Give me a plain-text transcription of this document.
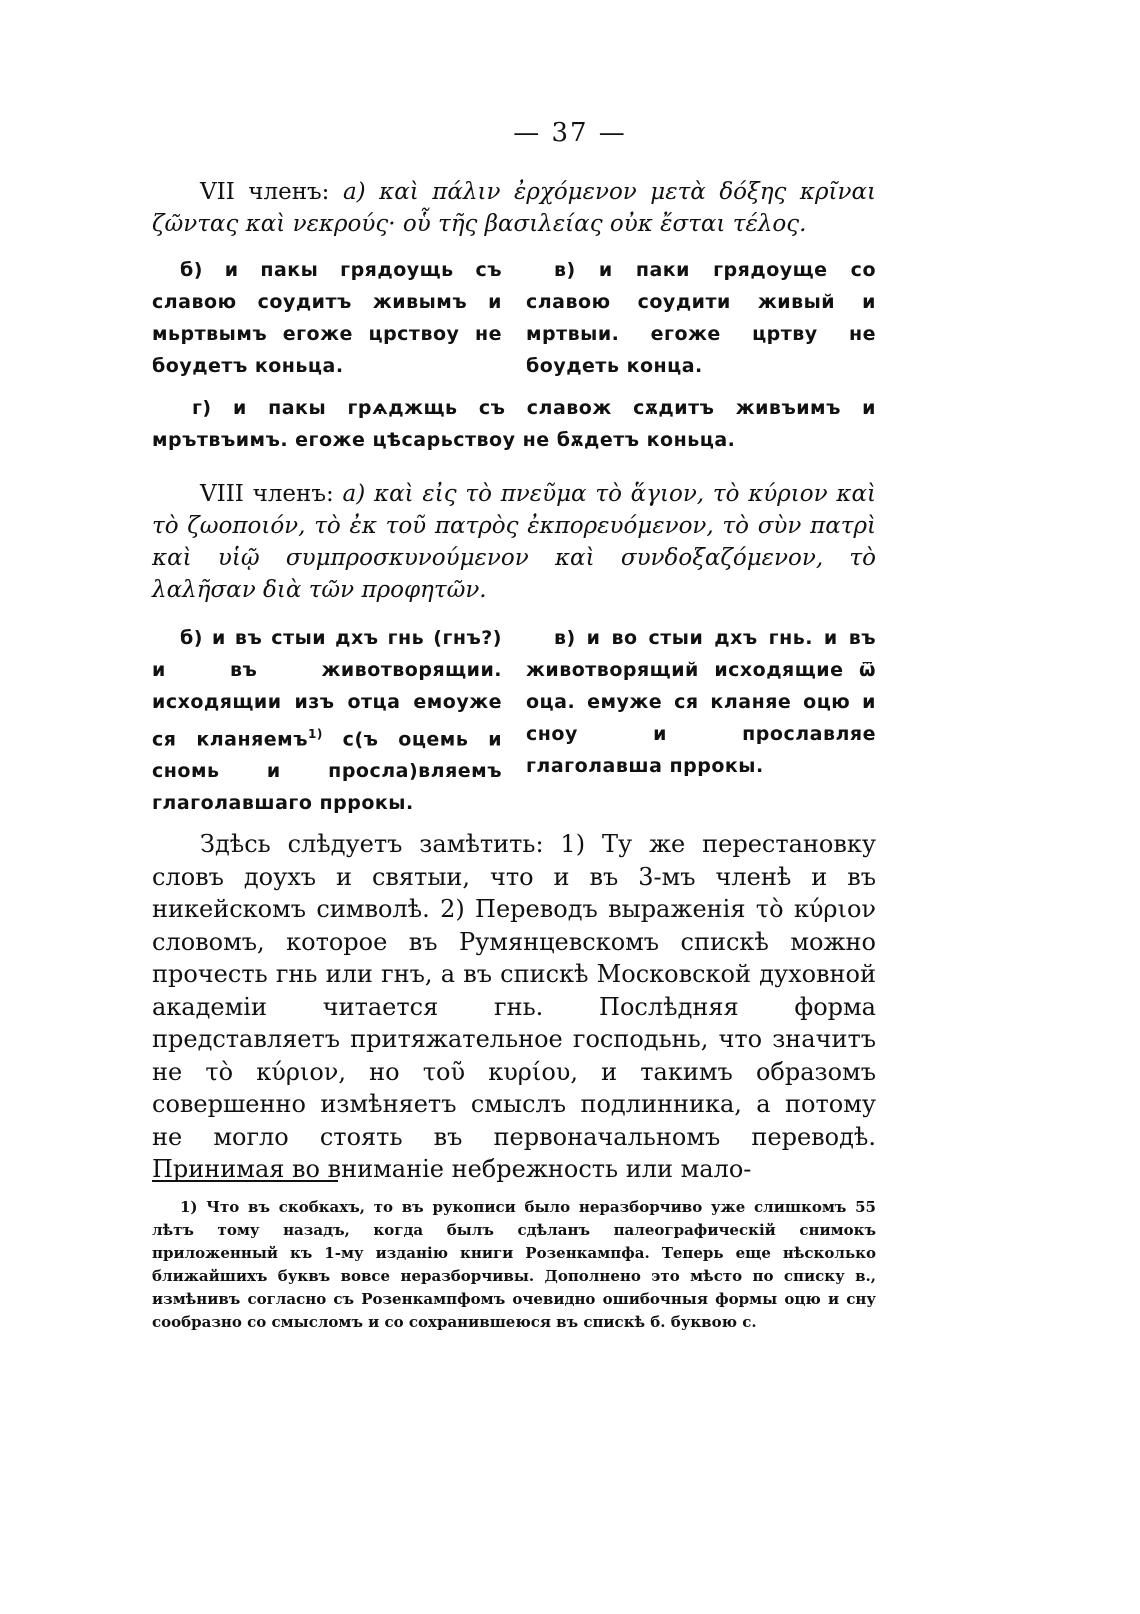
— 37 —
VII членъ: а) καὶ πάλιν ἐρχόμενον μετὰ δόξης κρῖναι ζῶντας καὶ νεκρούς· οὗ τῆς βασιλείας οὐκ ἔσται τέλος.
б) и пакы грядоущь съ славою соудитъ живымъ и мьртвымъ егоже црствоу не боудетъ коньца.
в) и паки грядоуще со славою соудити живый и мртвыи. егоже цртву не боудеть конца.
г) и пакы грѧджщь съ славож сѫдитъ живъимъ и мрътвъимъ. егоже цѣсарьствоу не бѫдетъ коньца.
VIII членъ: а) καὶ εἰς τὸ πνεῦμα τὸ ἅγιον, τὸ κύριον καὶ τὸ ζωοποιόν, τὸ ἐκ τοῦ πατρὸς ἐκπορευόμενον, τὸ σὺν πατρὶ καὶ υἱῷ συμπροσκυνούμενον καὶ συνδοξαζόμενον, τὸ λαλῆσαν διὰ τῶν προφητῶν.
б) и въ стыи дхъ гнь (гнъ?) и въ животворящии. исходящии изъ отца емоуже ся кланяемъ$^{1)}$ с(ъ оцемь и сномь и просла)вляемъ глаголавшаго пррокы.
в) и во стыи дхъ гнь. и въ животворящий исходящие ѿ оца. емуже ся кланяе оцю и сноу и прославляе глаголавша пррокы.
Здѣсь слѣдуетъ замѣтить: 1) Ту же перестановку словъ доухъ и святыи, что и въ 3-мъ членѣ и въ никейскомъ символѣ. 2) Переводъ выраженія τὸ κύριον словомъ, которое въ Румянцевскомъ спискѣ можно прочесть гнь или гнъ, а въ спискѣ Московской духовной академіи читается гнь. Послѣдняя форма представляетъ притяжательное господьнь, что значитъ не τὸ κύριον, но τοῦ κυρίου, и такимъ образомъ совершенно измѣняетъ смыслъ подлинника, а потому не могло стоять въ первоначальномъ переводѣ. Принимая во вниманіе небрежность или мало-
1) Что въ скобкахъ, то въ рукописи было неразборчиво уже слишкомъ 55 лѣтъ тому назадъ, когда былъ сдѣланъ палеографическій снимокъ приложенный къ 1-му изданію книги Розенкампфа. Теперь еще нѣсколько ближайшихъ буквъ вовсе неразборчивы. Дополнено это мѣсто по списку в., измѣнивъ согласно съ Розенкампфомъ очевидно ошибочныя формы оцю и сну сообразно со смысломъ и со сохранившеюся въ спискѣ б. буквою с.
